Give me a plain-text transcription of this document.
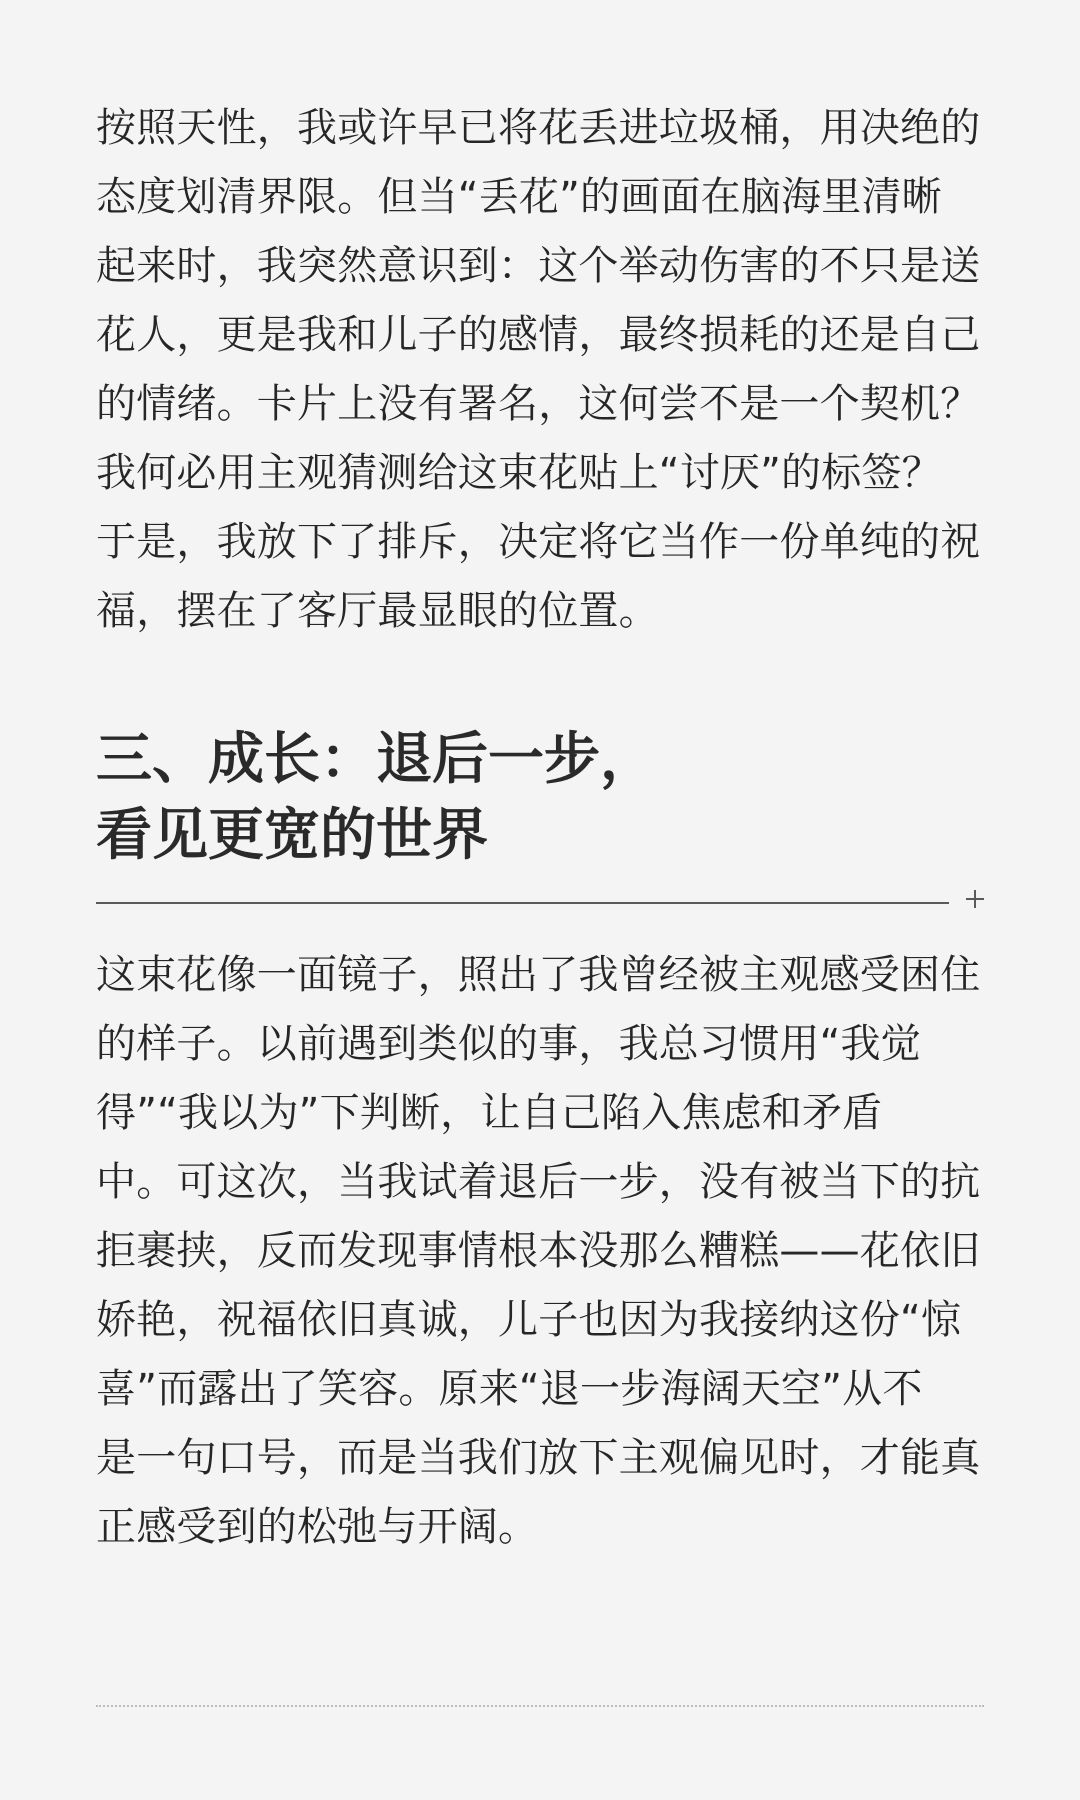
按照天性，我或许早已将花丢进垃圾桶，用决绝的
态度划清界限。但当“丢花”的画面在脑海里清晰
起来时，我突然意识到：这个举动伤害的不只是送
花人，更是我和儿子的感情，最终损耗的还是自己
的情绪。卡片上没有署名，这何尝不是一个契机？
我何必用主观猜测给这束花贴上“讨厌”的标签？
于是，我放下了排斥，决定将它当作一份单纯的祝
福，摆在了客厅最显眼的位置。

三、成长：退后一步，
看见更宽的世界

这束花像一面镜子，照出了我曾经被主观感受困住
的样子。以前遇到类似的事，我总习惯用“我觉
得”“我以为”下判断，让自己陷入焦虑和矛盾
中。可这次，当我试着退后一步，没有被当下的抗
拒裹挟，反而发现事情根本没那么糟糕——花依旧
娇艳，祝福依旧真诚，儿子也因为我接纳这份“惊
喜”而露出了笑容。原来“退一步海阔天空”从不
是一句口号，而是当我们放下主观偏见时，才能真
正感受到的松弛与开阔。
